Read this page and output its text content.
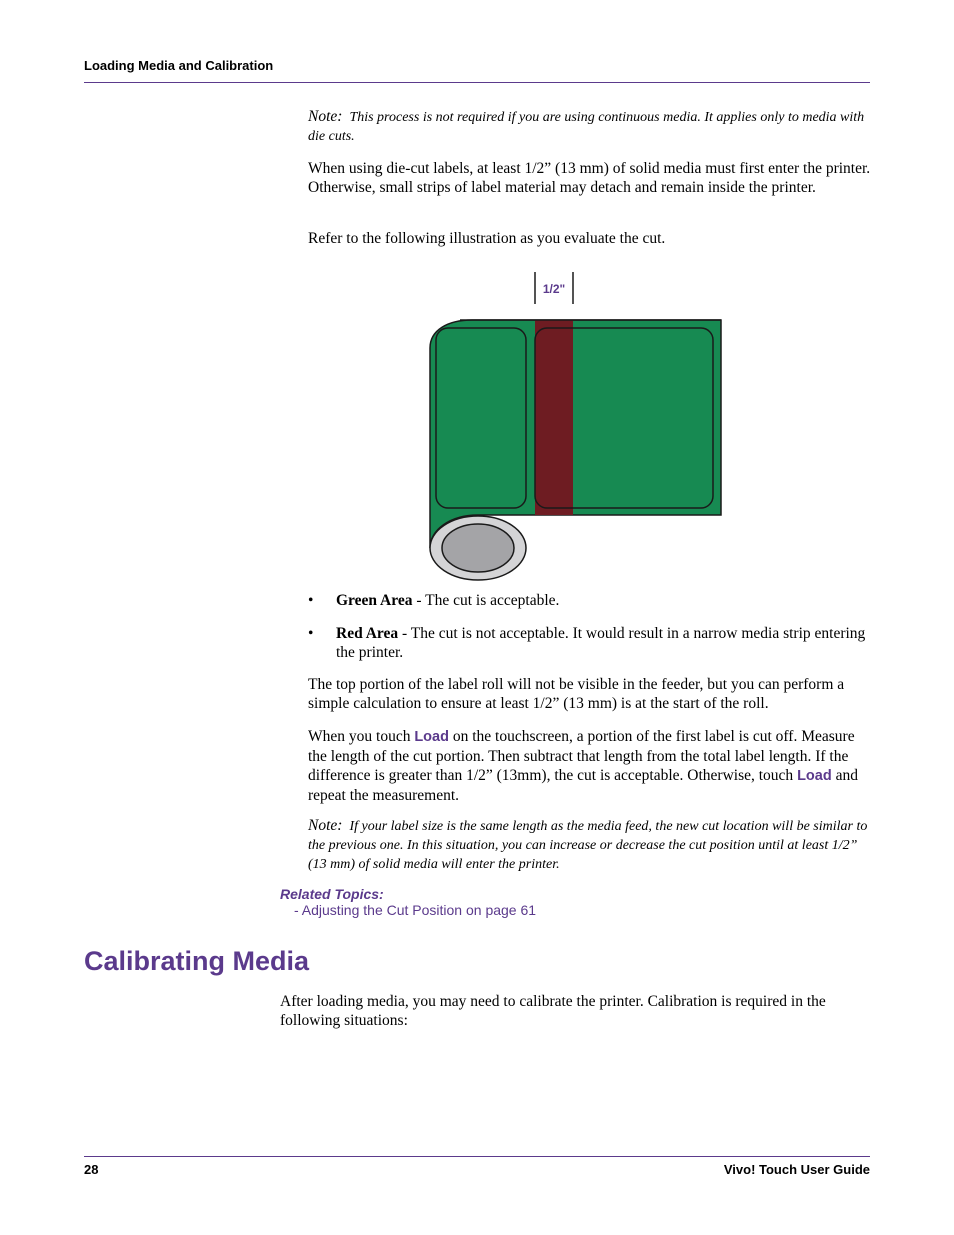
Loading Media and Calibration
Note: This process is not required if you are using continuous media. It applies only to media with die cuts.
When using die-cut labels, at least 1/2” (13 mm) of solid media must first enter the printer. Otherwise, small strips of label material may detach and remain inside the printer.
Refer to the following illustration as you evaluate the cut.
1/2"
• Green Area - The cut is acceptable.
• Red Area - The cut is not acceptable. It would result in a narrow media strip entering the printer.
The top portion of the label roll will not be visible in the feeder, but you can perform a simple calculation to ensure at least 1/2” (13 mm) is at the start of the roll.
When you touch Load on the touchscreen, a portion of the first label is cut off. Measure the length of the cut portion. Then subtract that length from the total label length. If the difference is greater than 1/2” (13mm), the cut is acceptable. Otherwise, touch Load and repeat the measurement.
Note: If your label size is the same length as the media feed, the new cut location will be similar to the previous one. In this situation, you can increase or decrease the cut position until at least 1/2” (13 mm) of solid media will enter the printer.
Related Topics:
- Adjusting the Cut Position on page 61
Calibrating Media
After loading media, you may need to calibrate the printer. Calibration is required in the following situations:
28	Vivo! Touch User Guide
